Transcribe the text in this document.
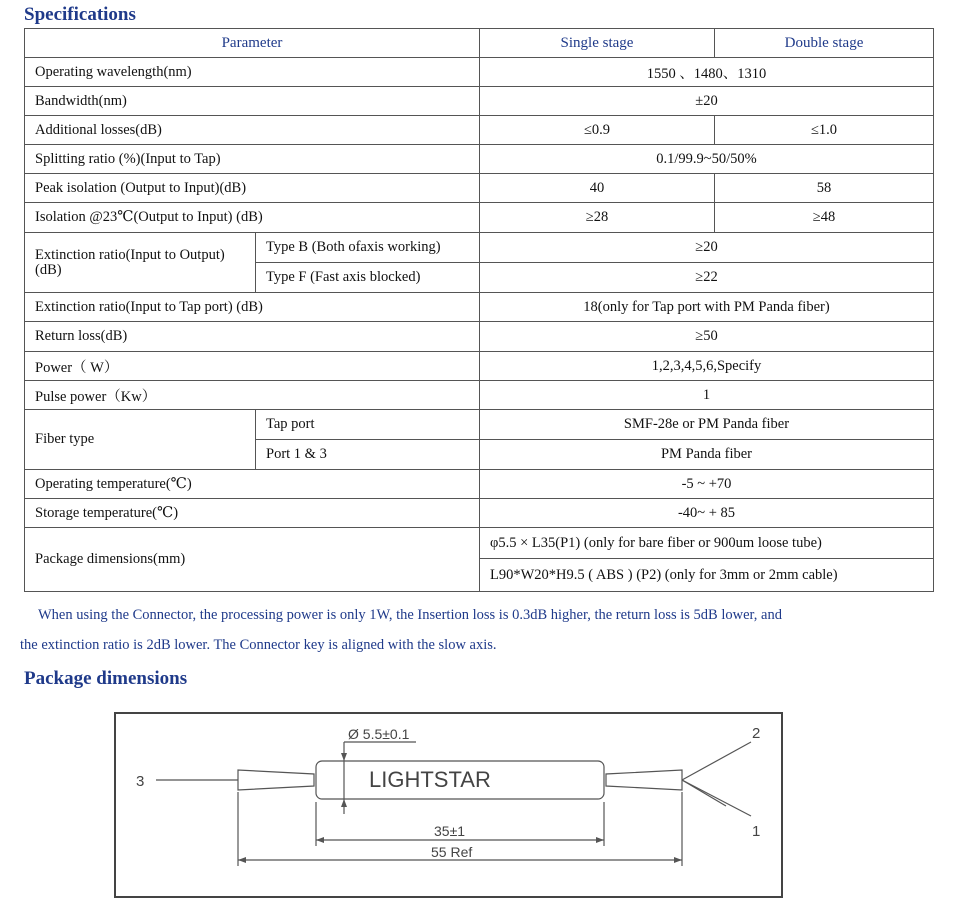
Specifications
Parameter		Single stage	Double stage
Operating wavelength(nm)		1550 、1480、1310	
Bandwidth(nm)		±20	
Additional losses(dB)		≤0.9	≤1.0
Splitting ratio (%)(Input to Tap)		0.1/99.9~50/50%	
Peak isolation (Output to Input)(dB)		40	58
Isolation @23℃(Output to Input) (dB)		≥28	≥48
Extinction ratio(Input to Output)(dB)	Type B (Both ofaxis working)	≥20	
	Type F (Fast axis blocked)	≥22	
Extinction ratio(Input to Tap port) (dB)		18(only for Tap port with PM Panda fiber)	
Return loss(dB)		≥50	
Power（ W）		1,2,3,4,5,6,Specify	
Pulse power（Kw）		1	
Fiber type	Tap port	SMF-28e or PM Panda fiber	
	Port 1 & 3	PM Panda fiber	
Operating temperature(℃)		-5 ~ +70	
Storage temperature(℃)		-40~ + 85	
Package dimensions(mm)		φ5.5 × L35(P1) (only for bare fiber or 900um loose tube)	
		L90*W20*H9.5 ( ABS ) (P2) (only for 3mm or 2mm cable)	
When using the Connector, the processing power is only 1W, the Insertion loss is 0.3dB higher, the return loss is 5dB lower, and
the extinction ratio is 2dB lower. The Connector key is aligned with the slow axis.
Package dimensions
LIGHTSTAR
Ø 5.5±0.1
35±1
55 Ref
3
2
1
